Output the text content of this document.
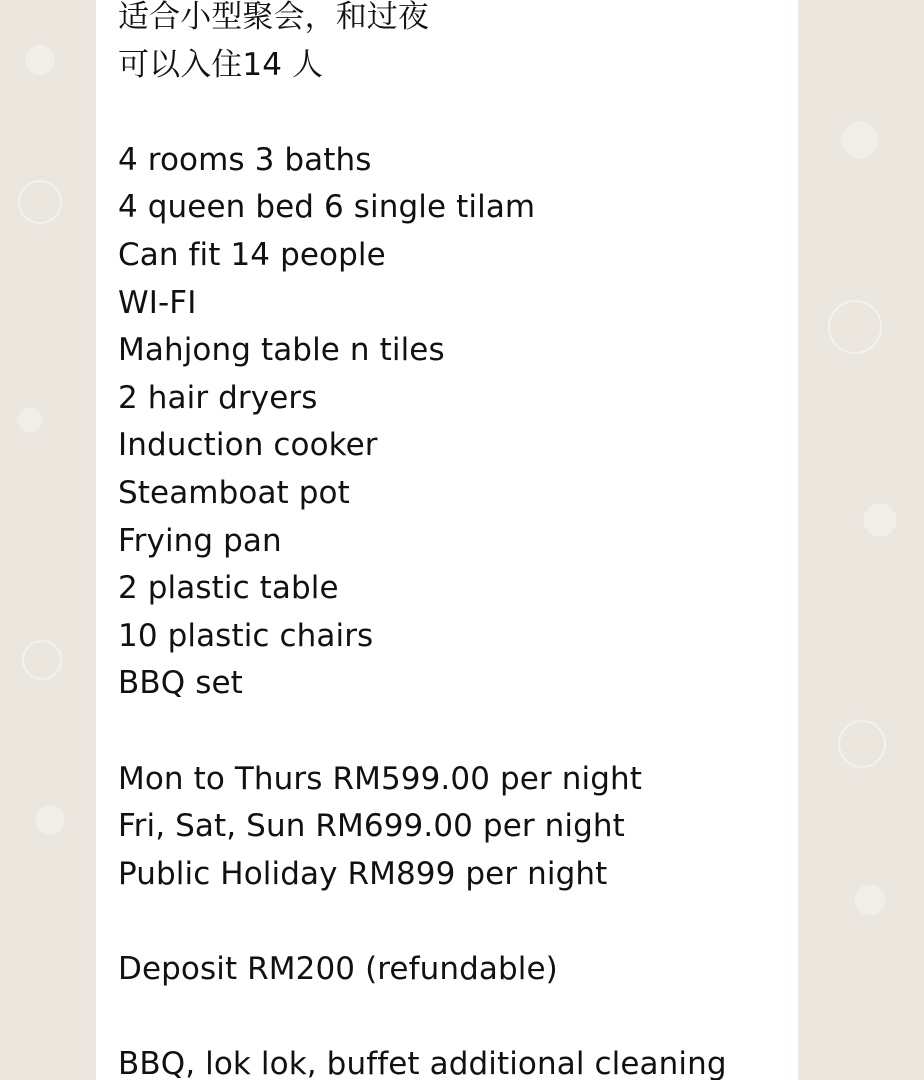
适合小型聚会，和过夜
可以入住14 人
4 rooms 3 baths
4 queen bed 6 single tilam
Can fit 14 people
WI-FI
Mahjong table n tiles
2 hair dryers
Induction cooker
Steamboat pot
Frying pan
2 plastic table
10 plastic chairs
BBQ set
Mon to Thurs RM599.00 per night
Fri, Sat, Sun RM699.00 per night
Public Holiday RM899 per night
Deposit RM200 (refundable)
BBQ, lok lok, buffet additional cleaning
